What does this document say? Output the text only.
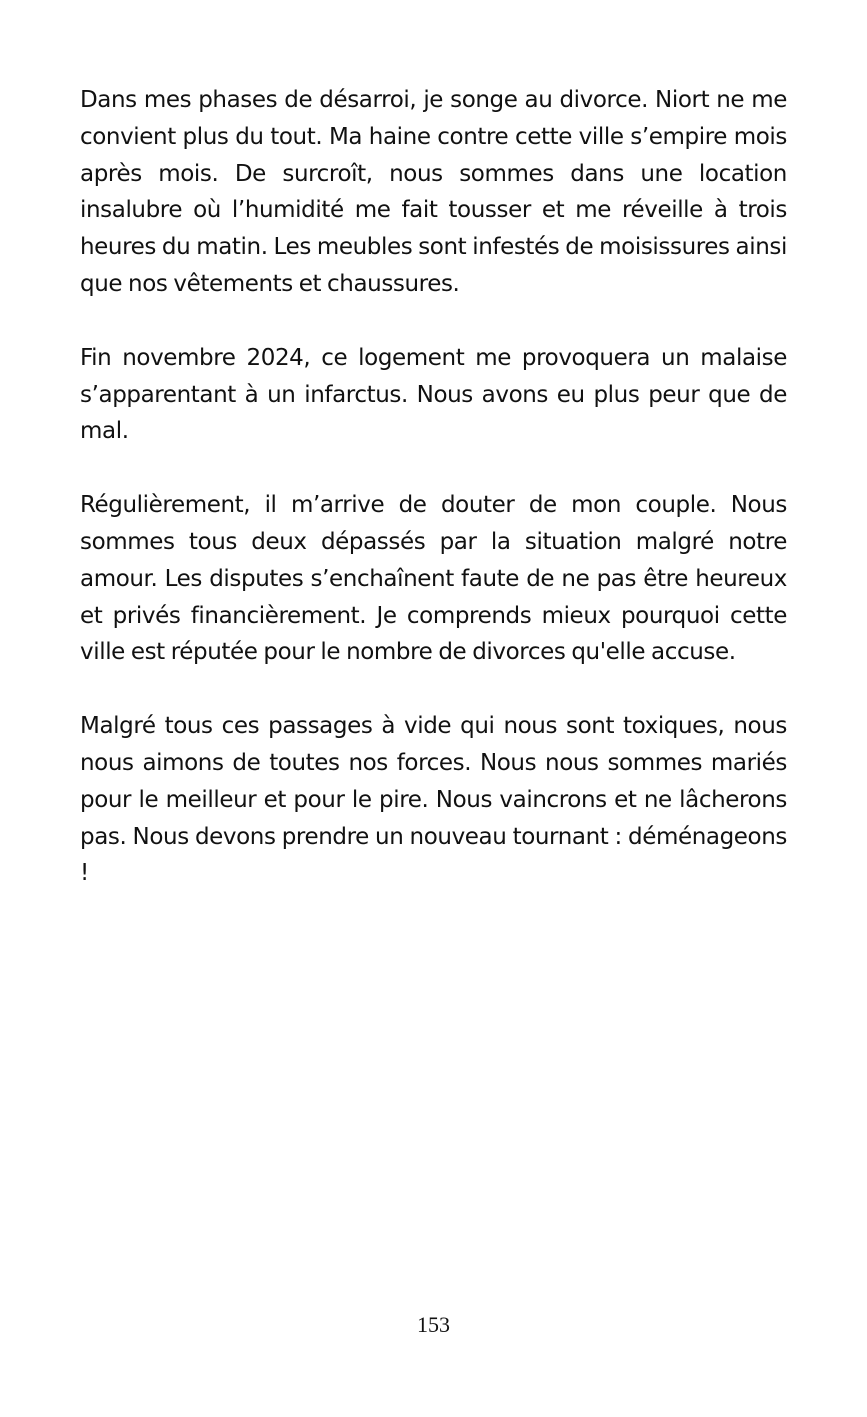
Dans mes phases de désarroi, je songe au divorce. Niort ne me convient plus du tout. Ma haine contre cette ville s’empire mois après mois. De surcroît, nous sommes dans une location insalubre où l’humidité me fait tousser et me réveille à trois heures du matin. Les meubles sont infestés de moisissures ainsi que nos vêtements et chaussures.

Fin novembre 2024, ce logement me provoquera un malaise s’apparentant à un infarctus. Nous avons eu plus peur que de mal.

Régulièrement, il m’arrive de douter de mon couple. Nous sommes tous deux dépassés par la situation malgré notre amour. Les disputes s’enchaînent faute de ne pas être heureux et privés financièrement. Je comprends mieux pourquoi cette ville est réputée pour le nombre de divorces qu'elle accuse.

Malgré tous ces passages à vide qui nous sont toxiques, nous nous aimons de toutes nos forces. Nous nous sommes mariés pour le meilleur et pour le pire. Nous vaincrons et ne lâcherons pas. Nous devons prendre un nouveau tournant : déménageons !

153
